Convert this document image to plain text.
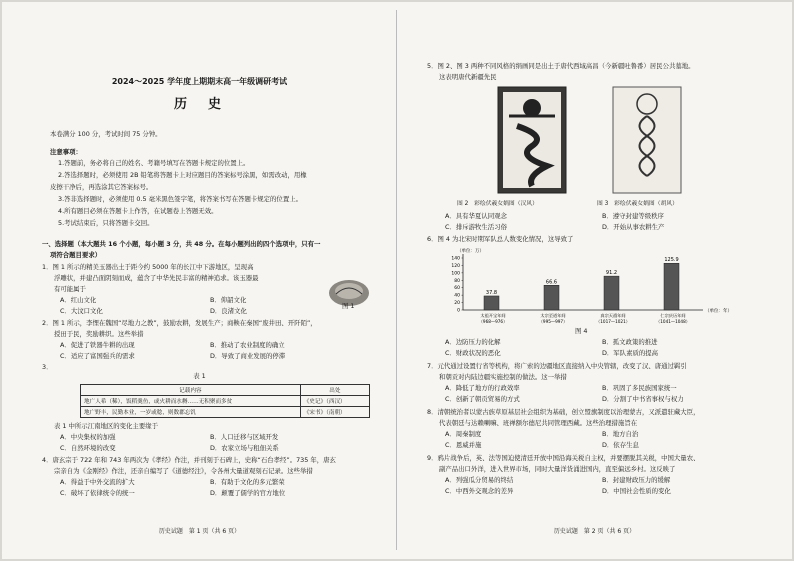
2024～2025 学年度上期期末高一年级调研考试
历　史
本卷满分 100 分，考试时间 75 分钟。
注意事项：
1.答题前，务必将自己的姓名、考籍号填写在答题卡规定的位置上。
2.答选择题时，必须使用 2B 铅笔将答题卡上对应题目的答案标号涂黑，如需改动，用橡
皮擦干净后，再选涂其它答案标号。
3.答非选择题时，必须使用 0.5 毫米黑色签字笔，将答案书写在答题卡规定的位置上。
4.所有题目必须在答题卡上作答，在试题卷上答题无效。
5.考试结束后，只将答题卡交回。
一、选择题（本大题共 16 个小题，每小题 3 分，共 48 分。在每小题列出的四个选项中，只有一
项符合题目要求）
1．图 1 所示的精美玉器出土于距今约 5000 年的长江中下游地区，呈现高
浮雕状，并建凸面阴刻而成，蕴含了中华先民丰富的精神追求。该玉器最
有可能属于
图 1
A．红山文化	B．仰韶文化
C．大汶口文化	D．良渚文化
2．图 1 所示，李悝在魏国“尽地力之教”，鼓励农耕，发展生产；商鞅在秦国“废井田、开阡陌”，
授田于民，奖励耕织。这些举措
A．促进了铁器牛耕的出现	B．推动了农业制度的确立
C．适应了富国强兵的需求	D．导致了商业发展的停滞
3．
表 1
记载内容	出处
地广人希（稀），饭稻羹鱼，或火耕而水耨……无积聚而多贫	《史记》（西汉）
地广野丰，民勤本业，一岁或稔，则数郡忘饥	《宋书》（南朝）
表 1 中所示江南地区的变化主要缘于
A．中央集权的加强	B．人口迁移与区域开发
C．自然环境的改变	D．农家立场与租佃关系
4．唐玄宗于 722 年和 743 年两次为《孝经》作注，并刊刻于石碑上，史称“石台孝经”。735 年，唐玄
宗亲自为《金刚经》作注，还亲自编写了《道德经注》，令各州大量道观刻石记录。这些举措
A．得益于中外交流的扩大	B．有助于文化的多元繁荣
C．破坏了依律统令的统一	D．颠覆了儒学的官方地位
历史试题　第 1 页（共 6 页）
5．图 2、图 3 两种不同风格的绢画同是出土于唐代西域高昌（今新疆吐鲁番）居民公共墓地。
这表明唐代新疆先民
图 2　彩绘伏羲女娲图（汉风）	图 3　彩绘伏羲女娲图（胡风）
A．具有华夏认同观念	B．遵守封建等级秩序
C．排斥游牧生活习俗	D．开始从事农耕生产
6．图 4 为北宋时期军队总人数变化情况，这导致了
0
20
40
60
80
100
120
140
（单位：万）
（单位：年）
37.8
太祖开宝年间
（968—976）
66.6
太宗至道年间
（995—997）
91.2
真宗天禧年间
（1017—1021）
125.9
仁宗庆历年间
（1041—1048）
图 4
A．边防压力的化解	B．孤文政策的推进
C．财政状况的恶化	D．军队素质的提高
7．元代通过设置行省等机构，将广索的边疆地区直接纳入中央管辖，改变了汉、唐通过羁引
和朝贡对内陆边疆实施控制的做法。这一举措
A．降低了地方的行政效率	B．巩固了多民族国家统一
C．创新了朝贡贸易的方式	D．分割了中书省事权与权力
8．清朝统治者以蒙古族草原基层社会组织为基础，创立盟旗制度以治理蒙古，又派遣驻藏大臣，
代表朝廷与达赖喇嘛、班禅额尔德尼共同管理西藏。这些治理措施旨在
A．周秦制度	B．地方自治
C．恩威并施	D．依存生息
9．鸦片战争后，英、法等国迫使清廷开放中国沿海关税自主权，并要摆脱其关税，中国大量农、
副产品出口外洋，进入世界市场，同时大量洋货涌进国内，直至偏远乡村。这反映了
A．列强瓜分贸易的终结	B．封建财政压力的缓解
C．中西外交观念的差异	D．中国社会性质的变化
历史试题　第 2 页（共 6 页）
